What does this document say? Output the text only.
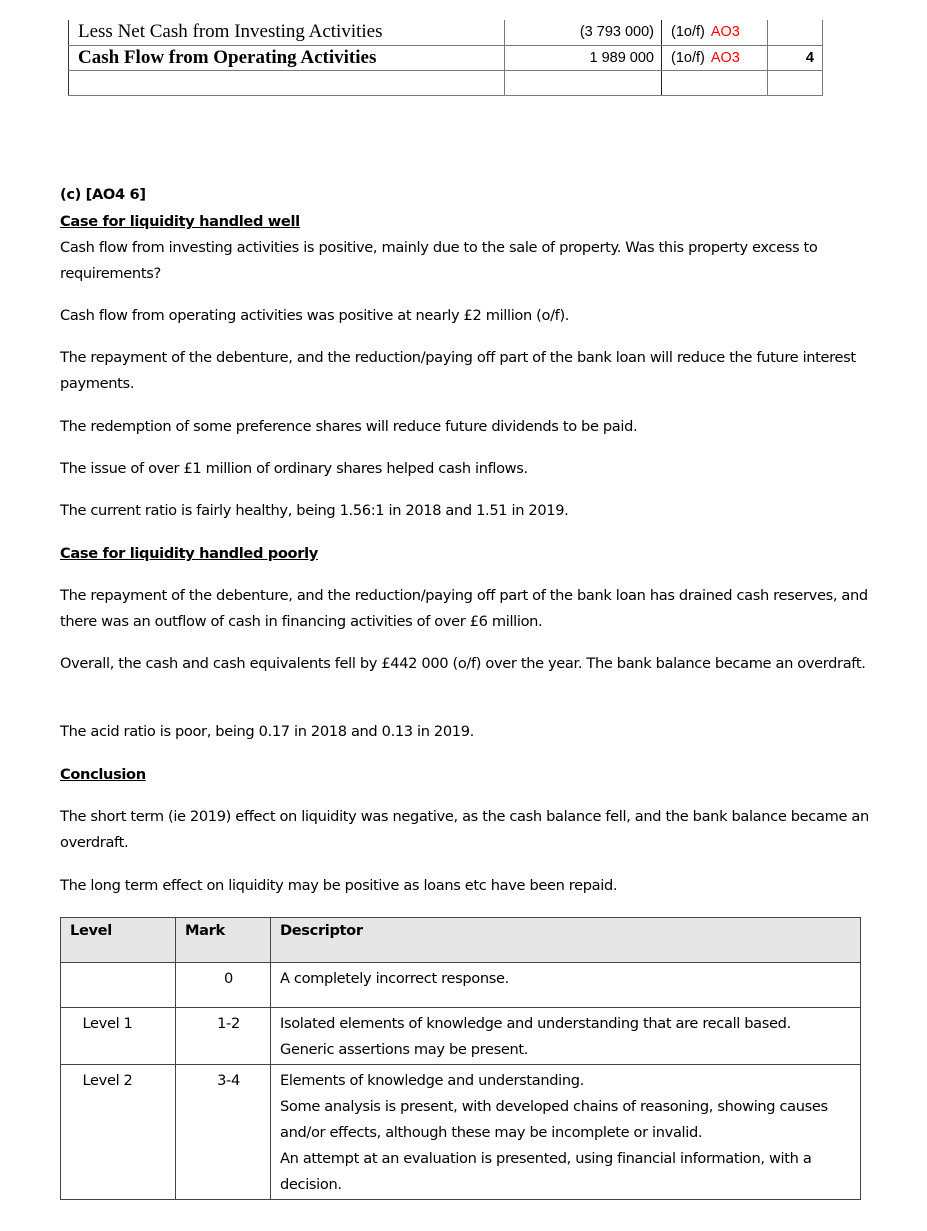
Less Net Cash from Investing Activities	(3 793 000)	(1o/f) AO3	
Cash Flow from Operating Activities	1 989 000	(1o/f) AO3	4

(c) [AO4 6]
Case for liquidity handled well
Cash flow from investing activities is positive, mainly due to the sale of property. Was this property excess to requirements?
Cash flow from operating activities was positive at nearly £2 million (o/f).
The repayment of the debenture, and the reduction/paying off part of the bank loan will reduce the future interest payments.
The redemption of some preference shares will reduce future dividends to be paid.
The issue of over £1 million of ordinary shares helped cash inflows.
The current ratio is fairly healthy, being 1.56:1 in 2018 and 1.51 in 2019.
Case for liquidity handled poorly
The repayment of the debenture, and the reduction/paying off part of the bank loan has drained cash reserves, and there was an outflow of cash in financing activities of over £6 million.
Overall, the cash and cash equivalents fell by £442 000 (o/f) over the year. The bank balance became an overdraft.
The acid ratio is poor, being 0.17 in 2018 and 0.13 in 2019.
Conclusion
The short term (ie 2019) effect on liquidity was negative, as the cash balance fell, and the bank balance became an overdraft.
The long term effect on liquidity may be positive as loans etc have been repaid.
Level	Mark	Descriptor
	0	A completely incorrect response.

Level 1	1-2	Isolated elements of knowledge and understanding that are recall based.
Generic assertions may be present.

Level 2	3-4	Elements of knowledge and understanding.
Some analysis is present, with developed chains of reasoning, showing causes and/or effects, although these may be incomplete or invalid.
An attempt at an evaluation is presented, using financial information, with a decision.
